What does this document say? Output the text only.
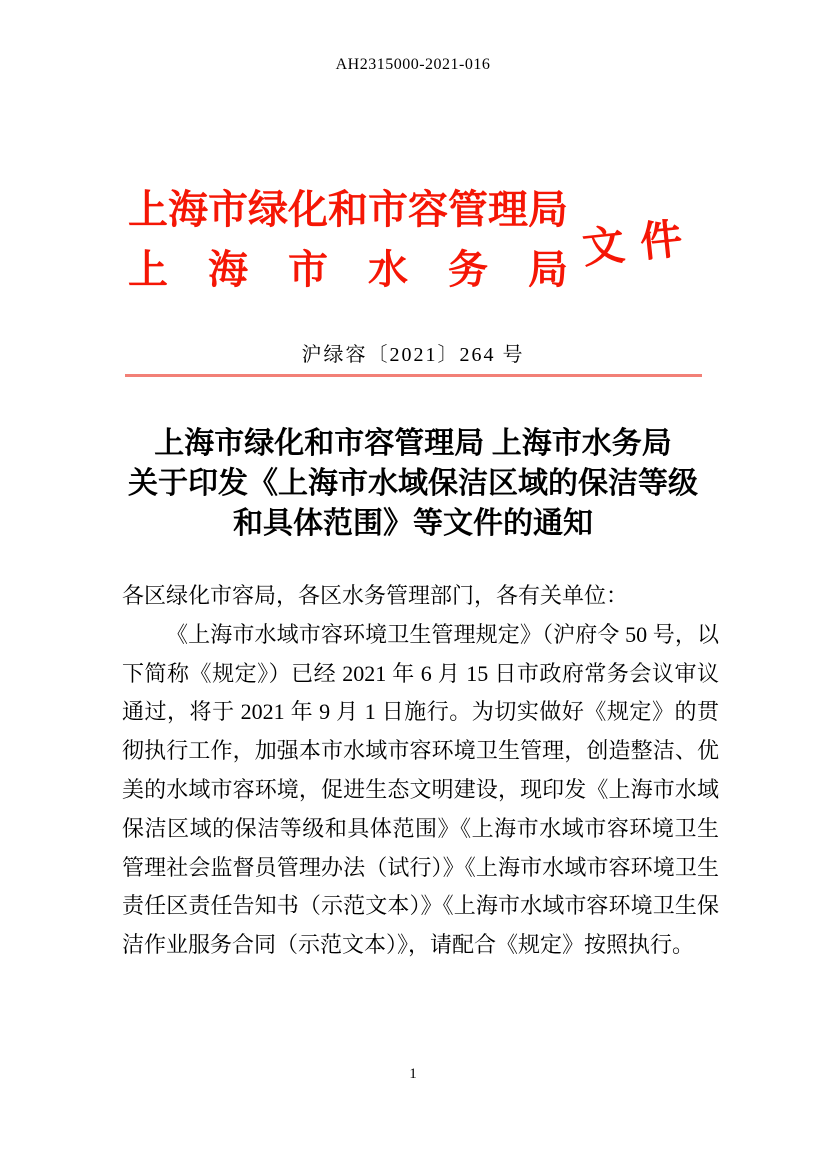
AH2315000-2021-016
上海市绿化和市容管理局
上海市水务局 文件
沪绿容〔2021〕264 号
上海市绿化和市容管理局 上海市水务局
关于印发《上海市水域保洁区域的保洁等级
和具体范围》等文件的通知

各区绿化市容局，各区水务管理部门，各有关单位：

《上海市水域市容环境卫生管理规定》（沪府令 50 号，以下简称《规定》）已经 2021 年 6 月 15 日市政府常务会议审议通过，将于 2021 年 9 月 1 日施行。为切实做好《规定》的贯彻执行工作，加强本市水域市容环境卫生管理，创造整洁、优美的水域市容环境，促进生态文明建设，现印发《上海市水域保洁区域的保洁等级和具体范围》《上海市水域市容环境卫生管理社会监督员管理办法（试行）》《上海市水域市容环境卫生责任区责任告知书（示范文本）》《上海市水域市容环境卫生保洁作业服务合同（示范文本）》，请配合《规定》按照执行。

1
